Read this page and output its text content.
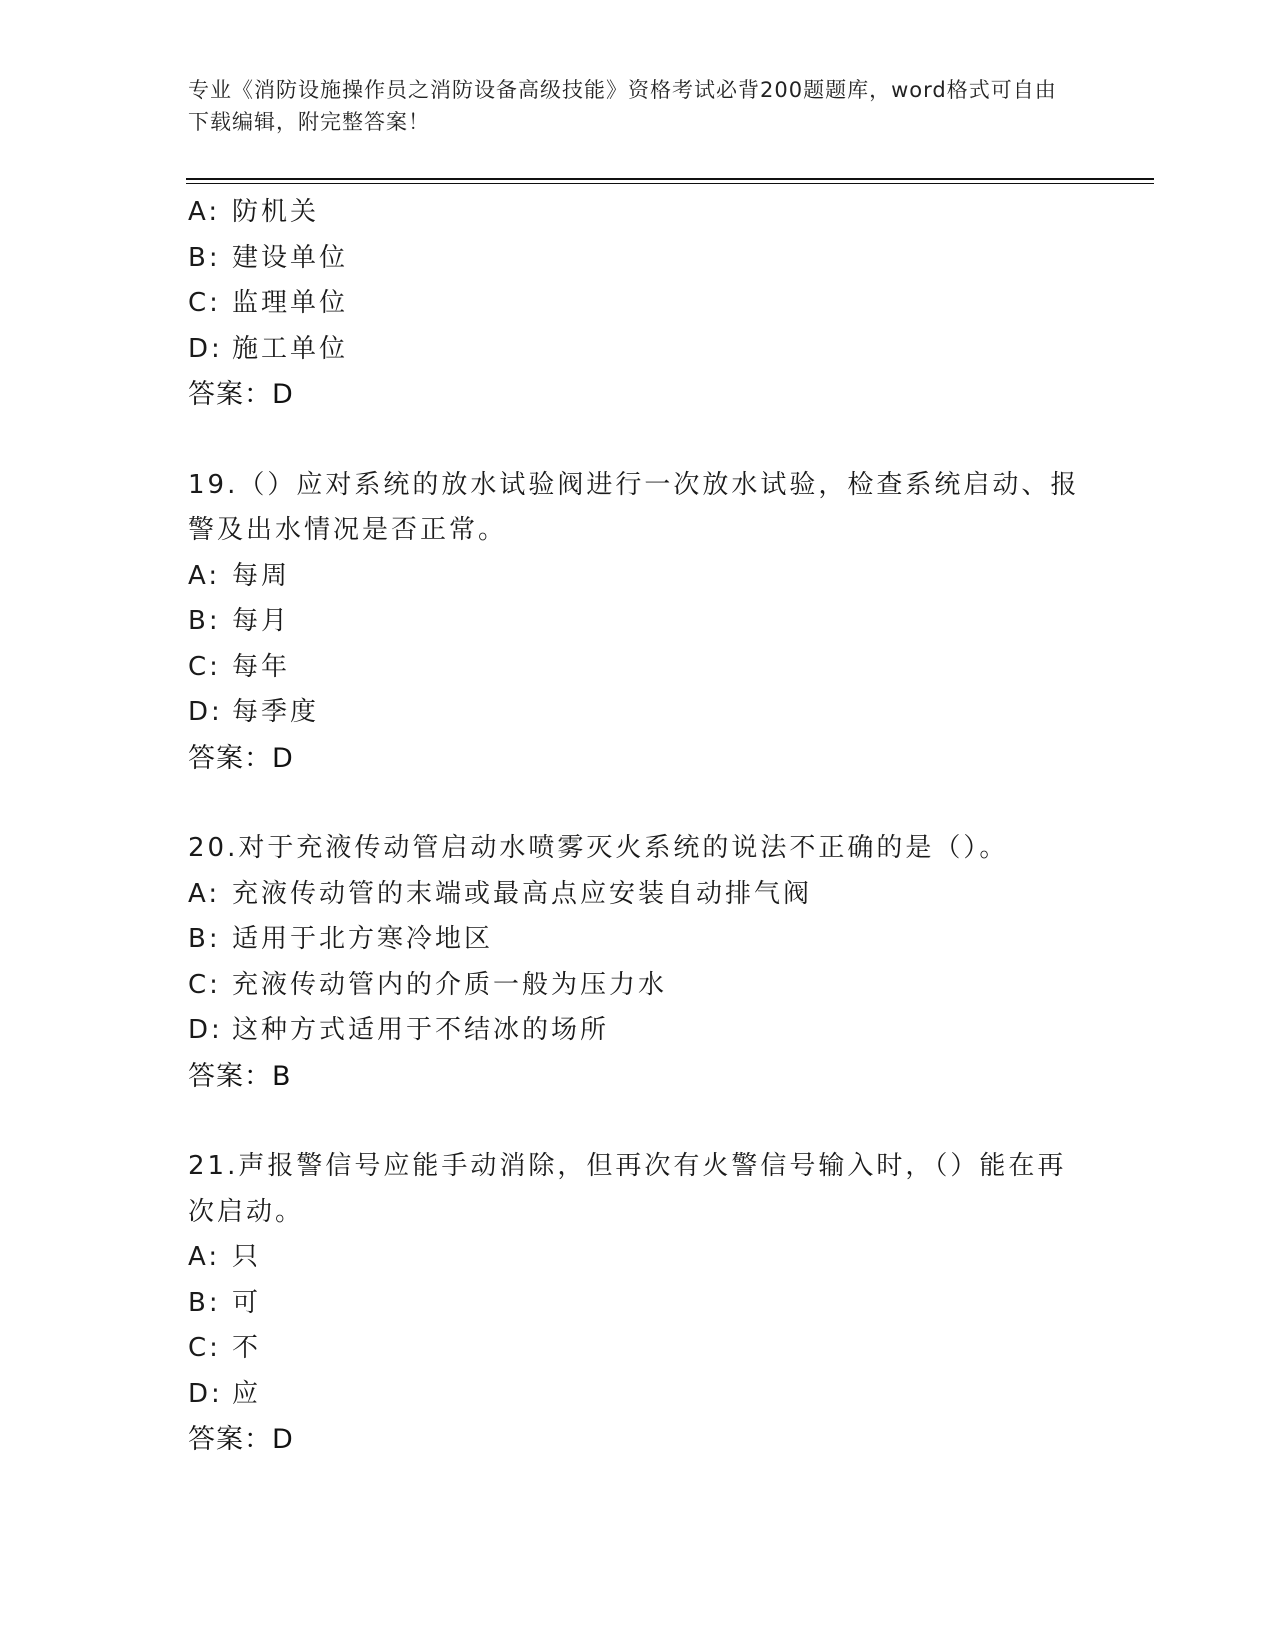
专业《消防设施操作员之消防设备高级技能》资格考试必背200题题库，word格式可自由下载编辑，附完整答案！
A: 防机关
B: 建设单位
C: 监理单位
D: 施工单位
答案：D
19.（）应对系统的放水试验阀进行一次放水试验，检查系统启动、报警及出水情况是否正常。
A: 每周
B: 每月
C: 每年
D: 每季度
答案：D
20.对于充液传动管启动水喷雾灭火系统的说法不正确的是（）。
A: 充液传动管的末端或最高点应安装自动排气阀
B: 适用于北方寒冷地区
C: 充液传动管内的介质一般为压力水
D: 这种方式适用于不结冰的场所
答案：B
21.声报警信号应能手动消除，但再次有火警信号输入时，（）能在再次启动。
A: 只
B: 可
C: 不
D: 应
答案：D
